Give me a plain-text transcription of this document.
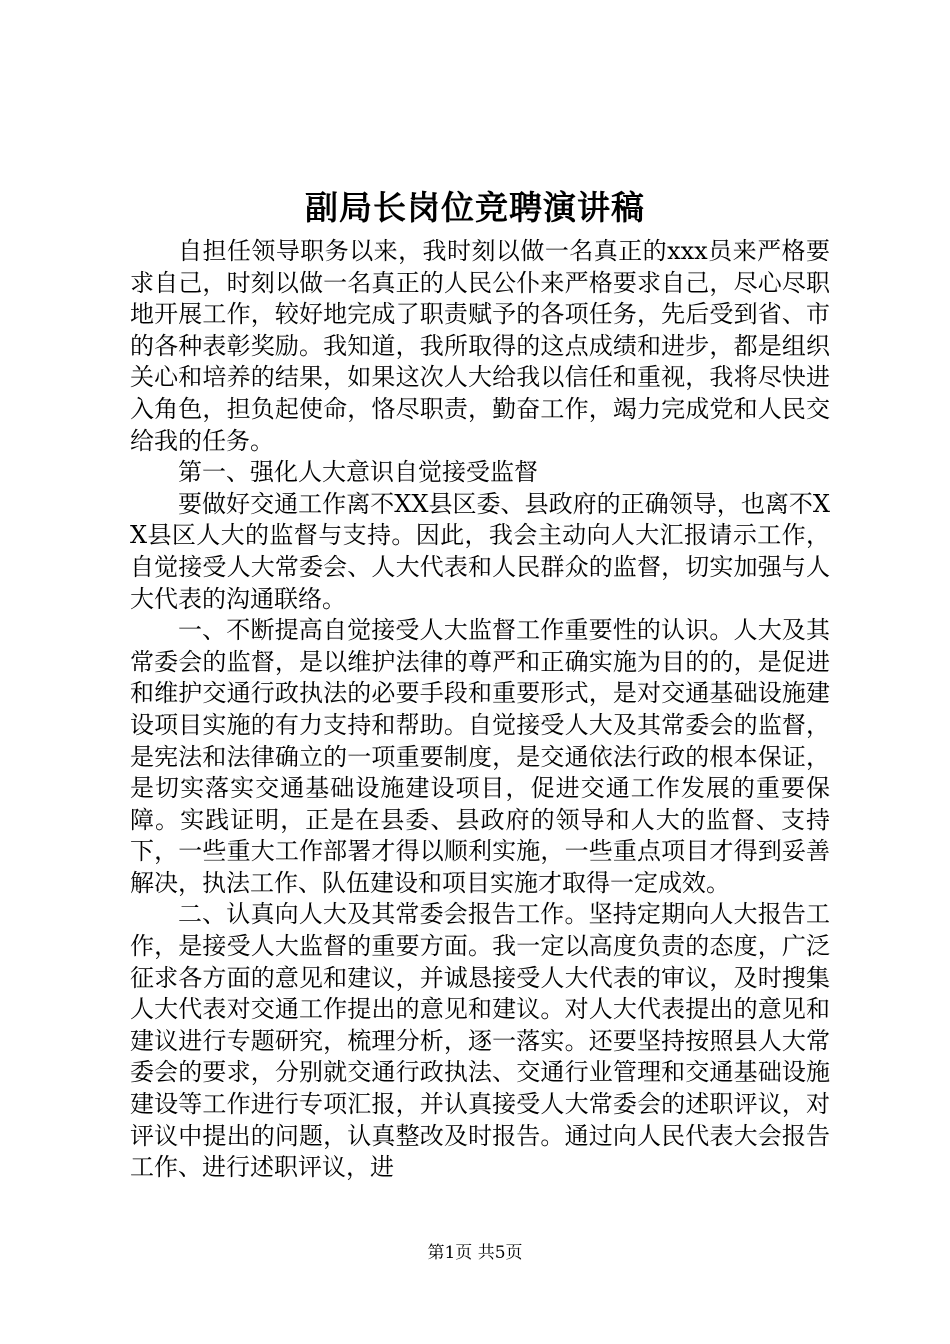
副局长岗位竞聘演讲稿

自担任领导职务以来，我时刻以做一名真正的xxx员来严格要求自己，时刻以做一名真正的人民公仆来严格要求自己，尽心尽职地开展工作，较好地完成了职责赋予的各项任务，先后受到省、市的各种表彰奖励。我知道，我所取得的这点成绩和进步，都是组织关心和培养的结果，如果这次人大给我以信任和重视，我将尽快进入角色，担负起使命，恪尽职责，勤奋工作，竭力完成党和人民交给我的任务。

第一、强化人大意识自觉接受监督

要做好交通工作离不XX县区委、县政府的正确领导，也离不XX县区人大的监督与支持。因此，我会主动向人大汇报请示工作，自觉接受人大常委会、人大代表和人民群众的监督，切实加强与人大代表的沟通联络。

一、不断提高自觉接受人大监督工作重要性的认识。人大及其常委会的监督，是以维护法律的尊严和正确实施为目的的，是促进和维护交通行政执法的必要手段和重要形式，是对交通基础设施建设项目实施的有力支持和帮助。自觉接受人大及其常委会的监督，是宪法和法律确立的一项重要制度，是交通依法行政的根本保证，是切实落实交通基础设施建设项目，促进交通工作发展的重要保障。实践证明，正是在县委、县政府的领导和人大的监督、支持下，一些重大工作部署才得以顺利实施，一些重点项目才得到妥善解决，执法工作、队伍建设和项目实施才取得一定成效。

二、认真向人大及其常委会报告工作。坚持定期向人大报告工作，是接受人大监督的重要方面。我一定以高度负责的态度，广泛征求各方面的意见和建议，并诚恳接受人大代表的审议，及时搜集人大代表对交通工作提出的意见和建议。对人大代表提出的意见和建议进行专题研究，梳理分析，逐一落实。还要坚持按照县人大常委会的要求，分别就交通行政执法、交通行业管理和交通基础设施建设等工作进行专项汇报，并认真接受人大常委会的述职评议，对评议中提出的问题，认真整改及时报告。通过向人民代表大会报告工作、进行述职评议，进

第1页 共5页
